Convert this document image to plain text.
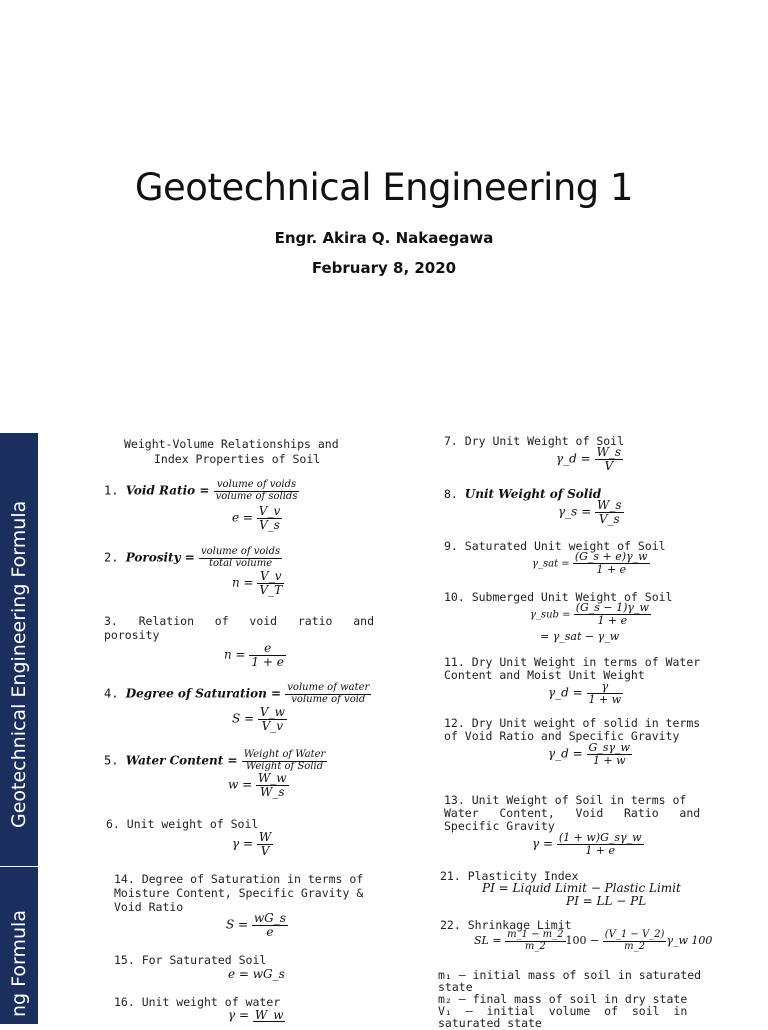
Geotechnical Engineering 1
Engr. Akira Q. Nakaegawa
February 8, 2020
Geotechnical Engineering Formula
ng Formula
Weight-Volume Relationships and
Index Properties of Soil
1. Void Ratio = $\frac{\text{volume of voids}}{\text{volume of solids}}$
$e = \frac{V\_v}{V\_s}$
2. Porosity = $\frac{\text{volume of voids}}{\text{total volume}}$
$n = \frac{V\_v}{V\_T}$
3.   Relation   of   void   ratio   and
porosity
$n = \frac{e}{1 + e}$
4. Degree of Saturation = $\frac{\text{volume of water}}{\text{volume of void}}$
$S = \frac{V\_w}{V\_v}$
5. Water Content = $\frac{\text{Weight of Water}}{\text{Weight of Solid}}$
$w = \frac{W\_w}{W\_s}$
6. Unit weight of Soil
$\gamma = \frac{W}{V}$
14. Degree of Saturation in terms of
Moisture Content, Specific Gravity &
Void Ratio
$S = \frac{wG\_s}{e}$
15. For Saturated Soil
e = wG_s
16. Unit weight of water
γ = W_w
7. Dry Unit Weight of Soil
γ_d = $\frac{W\_s}{V}$
8. Unit Weight of Solid
γ_s = $\frac{W\_s}{V\_s}$
9. Saturated Unit weight of Soil
γ_sat = $\frac{(G\_s + e)\gamma\_w}{1 + e}$
10. Submerged Unit Weight of Soil
γ_sub = $\frac{(G\_s - 1)\gamma\_w}{1 + e}$
= γ_sat − γ_w
11. Dry Unit Weight in terms of Water
Content and Moist Unit Weight
γ_d = $\frac{\gamma}{1 + w}$
12. Dry Unit weight of solid in terms
of Void Ratio and Specific Gravity
γ_d = $\frac{G\_s\gamma\_w}{1 + w}$
13. Unit Weight of Soil in terms of
Water   Content,   Void   Ratio   and
Specific Gravity
$\gamma = \frac{(1 + w)G\_s\gamma\_w}{1 + e}$
21. Plasticity Index
PI = Liquid Limit − Plastic Limit
PI = LL − PL
22. Shrinkage Limit
SL = $\frac{m\_1 - m\_2}{m\_2} 100 - \frac{(V\_1 - V\_2)}{m\_2}$ γ_w 100
m₁ – initial mass of soil in saturated
state
m₂ – final mass of soil in dry state
V₁  –  initial  volume  of  soil  in
saturated state
